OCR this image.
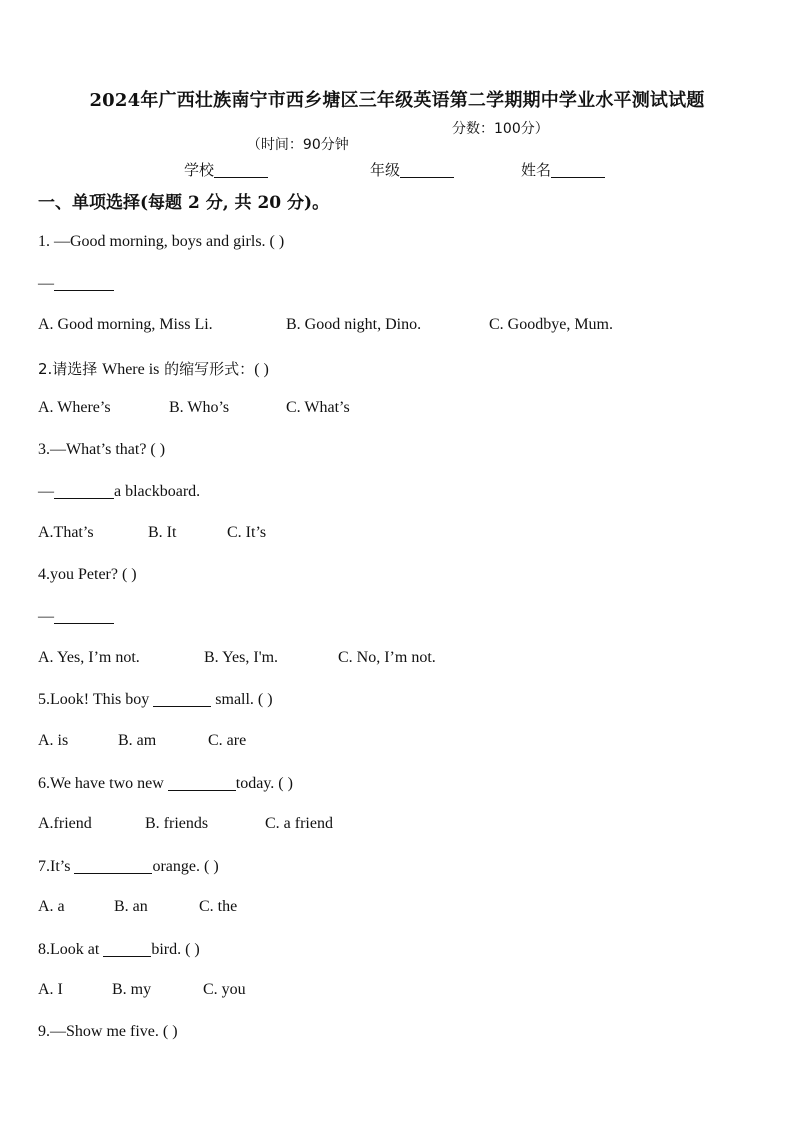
2024年广西壮族南宁市西乡塘区三年级英语第二学期期中学业水平测试试题

（时间：90分钟

分数：100分）

学校	年级	姓名
一、单项选择(每题 2 分, 共 20 分)。
1. —Good morning, boys and girls. ( )
—
A. Good morning, Miss Li.	B. Good night, Dino.	C. Goodbye, Mum.
2.请选择 Where is 的缩写形式：( )
A. Where’s	B. Who’s	C. What’s
3.—What’s that? ( )
—	a blackboard.
A.That’s	B. It	C. It’s
4.you Peter? ( )
—
A. Yes, I’m not.	B. Yes, I'm.	C. No, I’m not.
5.Look! This boy	small. ( )
A. is	B. am	C. are
6.We have two new	today. ( )
A.friend	B. friends	C. a friend
7.It’s	orange. ( )
A. a	B. an	C. the
8.Look at	bird. ( )
A. I	B. my	C. you
9.—Show me five. ( )
